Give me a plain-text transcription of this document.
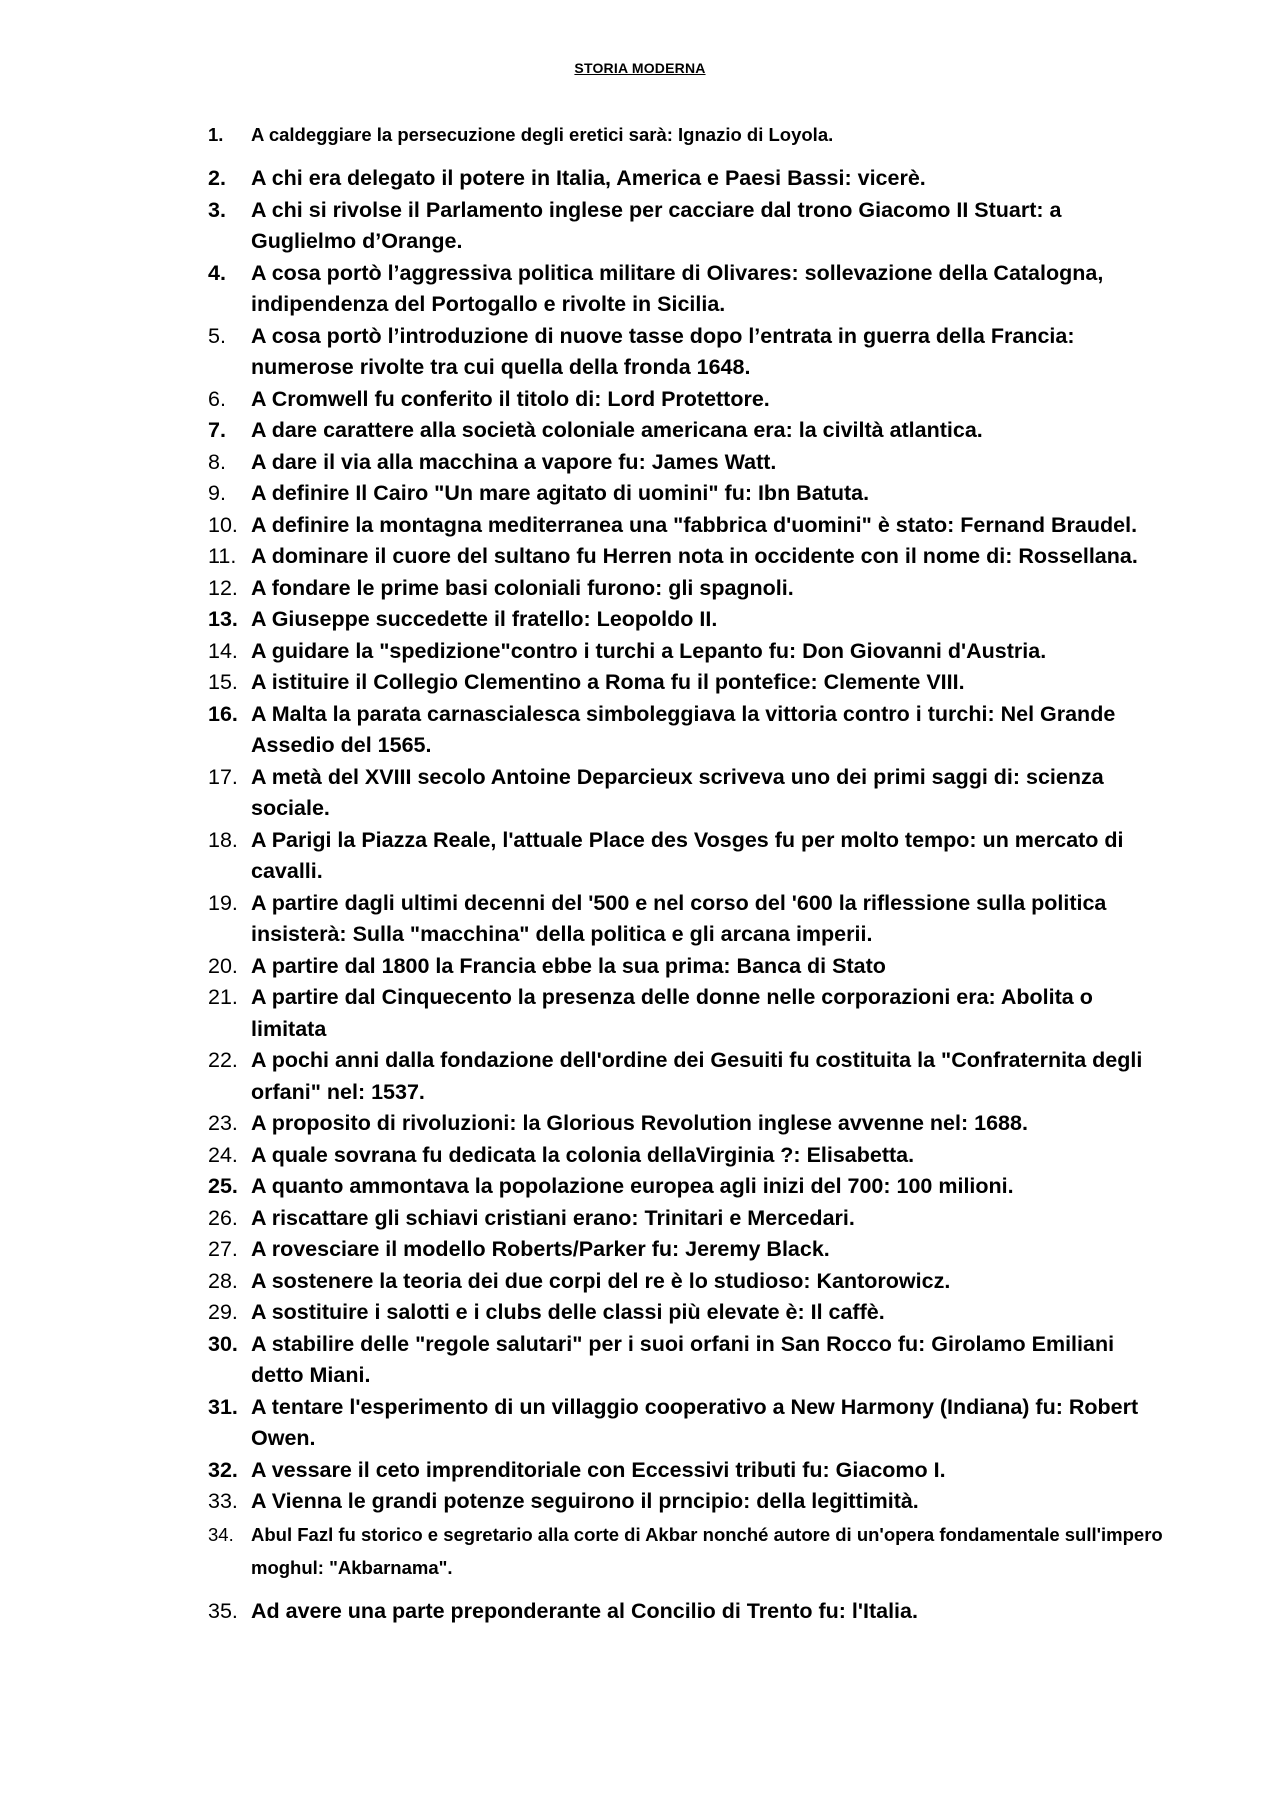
STORIA MODERNA
1.	A caldeggiare la persecuzione degli eretici sarà: Ignazio di Loyola.
2.	A chi era delegato il potere in Italia, America e Paesi Bassi: vicerè.
3.	A chi si rivolse il Parlamento inglese per cacciare dal trono Giacomo II Stuart: a Guglielmo d’Orange.
4.	A cosa portò l’aggressiva politica militare di Olivares: sollevazione della Catalogna, indipendenza del Portogallo e rivolte in Sicilia.
5.	A cosa portò l’introduzione di nuove tasse dopo l’entrata in guerra della Francia: numerose rivolte tra cui quella della fronda 1648.
6.	A Cromwell fu conferito il titolo di: Lord Protettore.
7.	A dare carattere alla società coloniale americana era: la civiltà atlantica.
8.	A dare il via alla macchina a vapore fu: James Watt.
9.	A definire Il Cairo "Un mare agitato di uomini" fu: Ibn Batuta.
10. A definire la montagna mediterranea una "fabbrica d'uomini" è stato: Fernand Braudel.
11. A dominare il cuore del sultano fu Herren nota in occidente con il nome di: Rossellana.
12. A fondare le prime basi coloniali furono: gli spagnoli.
13. A Giuseppe succedette il fratello: Leopoldo II.
14. A guidare la "spedizione"contro i turchi a Lepanto fu: Don Giovanni d'Austria.
15. A istituire il Collegio Clementino a Roma fu il pontefice: Clemente VIII.
16. A Malta la parata carnascialesca simboleggiava la vittoria contro i turchi: Nel Grande Assedio del 1565.
17. A metà del XVIII secolo Antoine Deparcieux scriveva uno dei primi saggi di: scienza sociale.
18. A Parigi la Piazza Reale, l'attuale Place des Vosges fu per molto tempo: un mercato di cavalli.
19. A partire dagli ultimi decenni del '500 e nel corso del '600 la riflessione sulla politica insisterà: Sulla "macchina" della politica e gli arcana imperii.
20. A partire dal 1800 la Francia ebbe la sua prima: Banca di Stato
21. A partire dal Cinquecento la presenza delle donne nelle corporazioni era: Abolita o limitata
22. A pochi anni dalla fondazione dell'ordine dei Gesuiti fu costituita la "Confraternita degli orfani" nel: 1537.
23. A proposito di rivoluzioni: la Glorious Revolution inglese avvenne nel: 1688.
24. A quale sovrana fu dedicata la colonia dellaVirginia ?: Elisabetta.
25. A quanto ammontava la popolazione europea agli inizi del 700: 100 milioni.
26. A riscattare gli schiavi cristiani erano: Trinitari e Mercedari.
27. A rovesciare il modello Roberts/Parker fu: Jeremy Black.
28. A sostenere la teoria dei due corpi del re è lo studioso: Kantorowicz.
29. A sostituire i salotti e i clubs delle classi più elevate è: Il caffè.
30. A stabilire delle "regole salutari" per i suoi orfani in San Rocco fu: Girolamo Emiliani detto Miani.
31. A tentare l'esperimento di un villaggio cooperativo a New Harmony (Indiana) fu: Robert Owen.
32. A vessare il ceto imprenditoriale con Eccessivi tributi fu: Giacomo I.
33. A Vienna le grandi potenze seguirono il prncipio: della legittimità.
34. Abul Fazl fu storico e segretario alla corte di Akbar nonché autore di un'opera fondamentale sull'impero moghul: "Akbarnama".
35. Ad avere una parte preponderante al Concilio di Trento fu: l'Italia.
